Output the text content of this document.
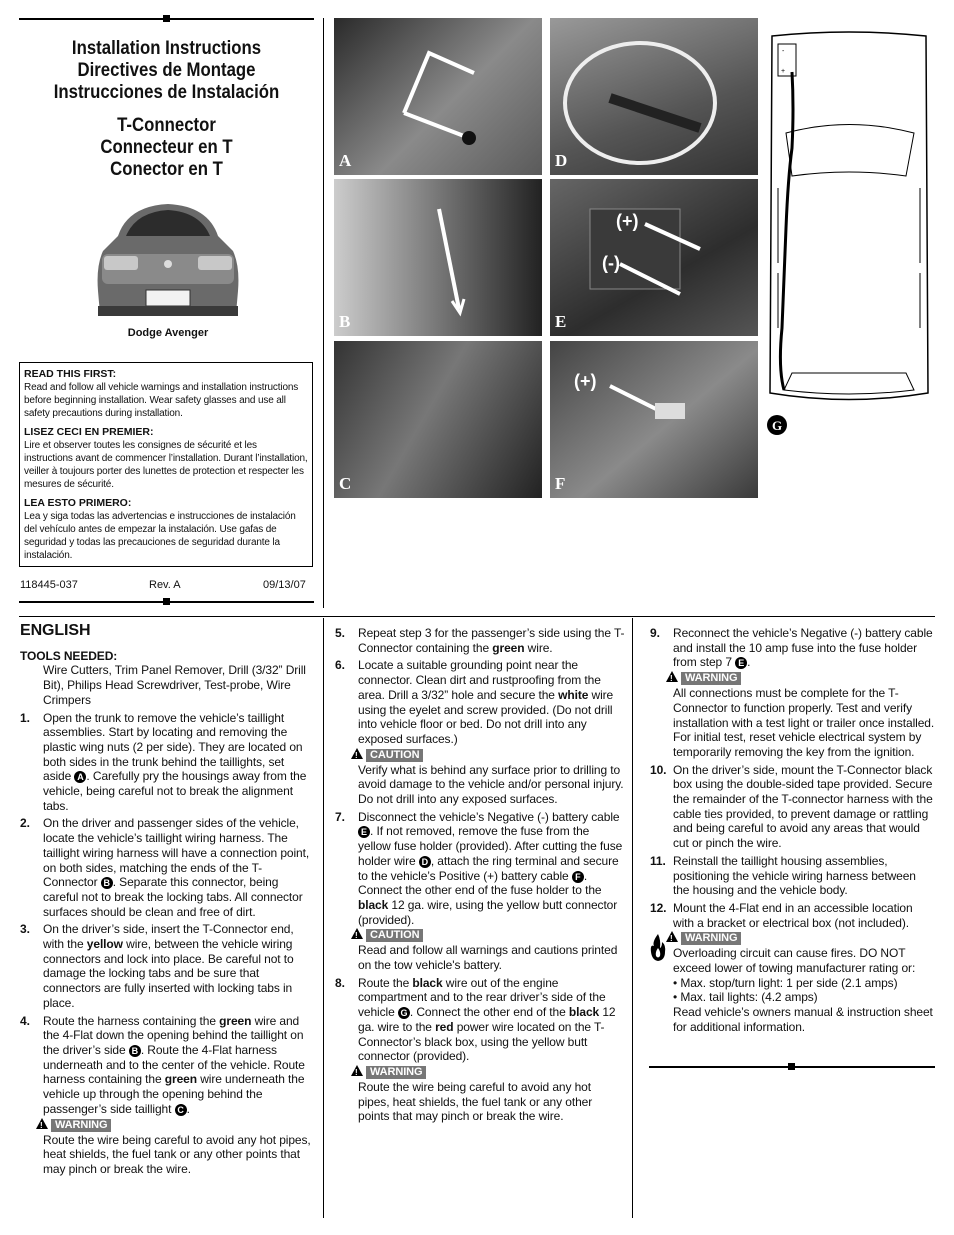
Installation Instructions
Directives de Montage
Instrucciones de Instalación
T-Connector
Connecteur en T
Conector en T
Dodge Avenger
READ THIS FIRST:
Read and follow all vehicle warnings and installation instructions before beginning installation. Wear safety glasses and use all safety precautions during installation.
LISEZ CECI EN PREMIER:
Lire et observer toutes les consignes de sécurité et les instructions avant de commencer l’installation. Durant l’installation, veiller à toujours porter des lunettes de protection et respecter les mesures de sécurité.
LEA ESTO PRIMERO:
Lea y siga todas las advertencias e instrucciones de instalación del vehículo antes de empezar la instalación. Use gafas de seguridad y todas las precauciones de seguridad durante la instalación.
118445-037	Rev. A	09/13/07
A	D
B
(+)
(-)
E
C
(+)
F
-
+
G
ENGLISH
TOOLS NEEDED:
Wire Cutters, Trim Panel Remover, Drill (3/32” Drill Bit), Philips Head Screwdriver, Test-probe, Wire Crimpers
1. Open the trunk to remove the vehicle’s taillight assemblies. Start by locating and removing the plastic wing nuts (2 per side). They are located on both sides in the trunk behind the taillights, set aside A . Carefully pry the housings away from the vehicle, being careful not to break the alignment tabs.
2. On the driver and passenger sides of the vehicle, locate the vehicle’s taillight wiring harness. The taillight wiring harness will have a connection point, on both sides, matching the ends of the T-Connector B . Separate this connector, being careful not to break the locking tabs. All connector surfaces should be clean and free of dirt.
3. On the driver’s side, insert the T-Connector end, with the yellow wire, between the vehicle wiring connectors and lock into place. Be careful not to damage the locking tabs and be sure that connectors are fully inserted with locking tabs in place.
4. Route the harness containing the green wire and the 4-Flat down the opening behind the taillight on the driver’s side B . Route the 4-Flat harness underneath and to the center of the vehicle. Route harness containing the green wire underneath the vehicle up through the opening behind the passenger’s side taillight C .
!WARNING
Route the wire being careful to avoid any hot pipes, heat shields, the fuel tank or any other points that may pinch or break the wire.
5. Repeat step 3 for the passenger’s side using the T-Connector containing the green wire.
6. Locate a suitable grounding point near the connector. Clean dirt and rustproofing from the area. Drill a 3/32” hole and secure the white wire using the eyelet and screw provided. (Do not drill into vehicle floor or bed. Do not drill into any exposed surfaces.)
!CAUTION
Verify what is behind any surface prior to drilling to avoid damage to the vehicle and/or personal injury. Do not drill into any exposed surfaces.
7. Disconnect the vehicle’s Negative (-) battery cable E . If not removed, remove the fuse from the yellow fuse holder (provided). After cutting the fuse holder wire D , attach the ring terminal and secure to the vehicle’s Positive (+) battery cable F . Connect the other end of the fuse holder to the black 12 ga. wire, using the yellow butt connector (provided).
!CAUTION
Read and follow all warnings and cautions printed on the tow vehicle's battery.
8. Route the black wire out of the engine compartment and to the rear driver’s side of the vehicle G . Connect the other end of the black 12 ga. wire to the red power wire located on the T-Connector’s black box, using the yellow butt connector (provided).
!WARNING
Route the wire being careful to avoid any hot pipes, heat shields, the fuel tank or any other points that may pinch or break the wire.
9. Reconnect the vehicle’s Negative (-) battery cable and install the 10 amp fuse into the fuse holder from step 7 E .
!WARNING
All connections must be complete for the T-Connector to function properly. Test and verify installation with a test light or trailer once installed. For initial test, reset vehicle electrical system by temporarily removing the key from the ignition.
10. On the driver’s side, mount the T-Connector black box using the double-sided tape provided. Secure the remainder of the T-connector harness with the cable ties provided, to prevent damage or rattling and being careful to avoid any areas that would cut or pinch the wire.
11. Reinstall the taillight housing assemblies, positioning the vehicle wiring harness between the housing and the vehicle body.
12. Mount the 4-Flat end in an accessible location with a bracket or electrical box (not included).
!WARNING
Overloading circuit can cause fires. DO NOT exceed lower of towing manufacturer rating or:
• Max. stop/turn light: 1 per side (2.1 amps)
• Max. tail lights: (4.2 amps)
Read vehicle’s owners manual & instruction sheet for additional information.
